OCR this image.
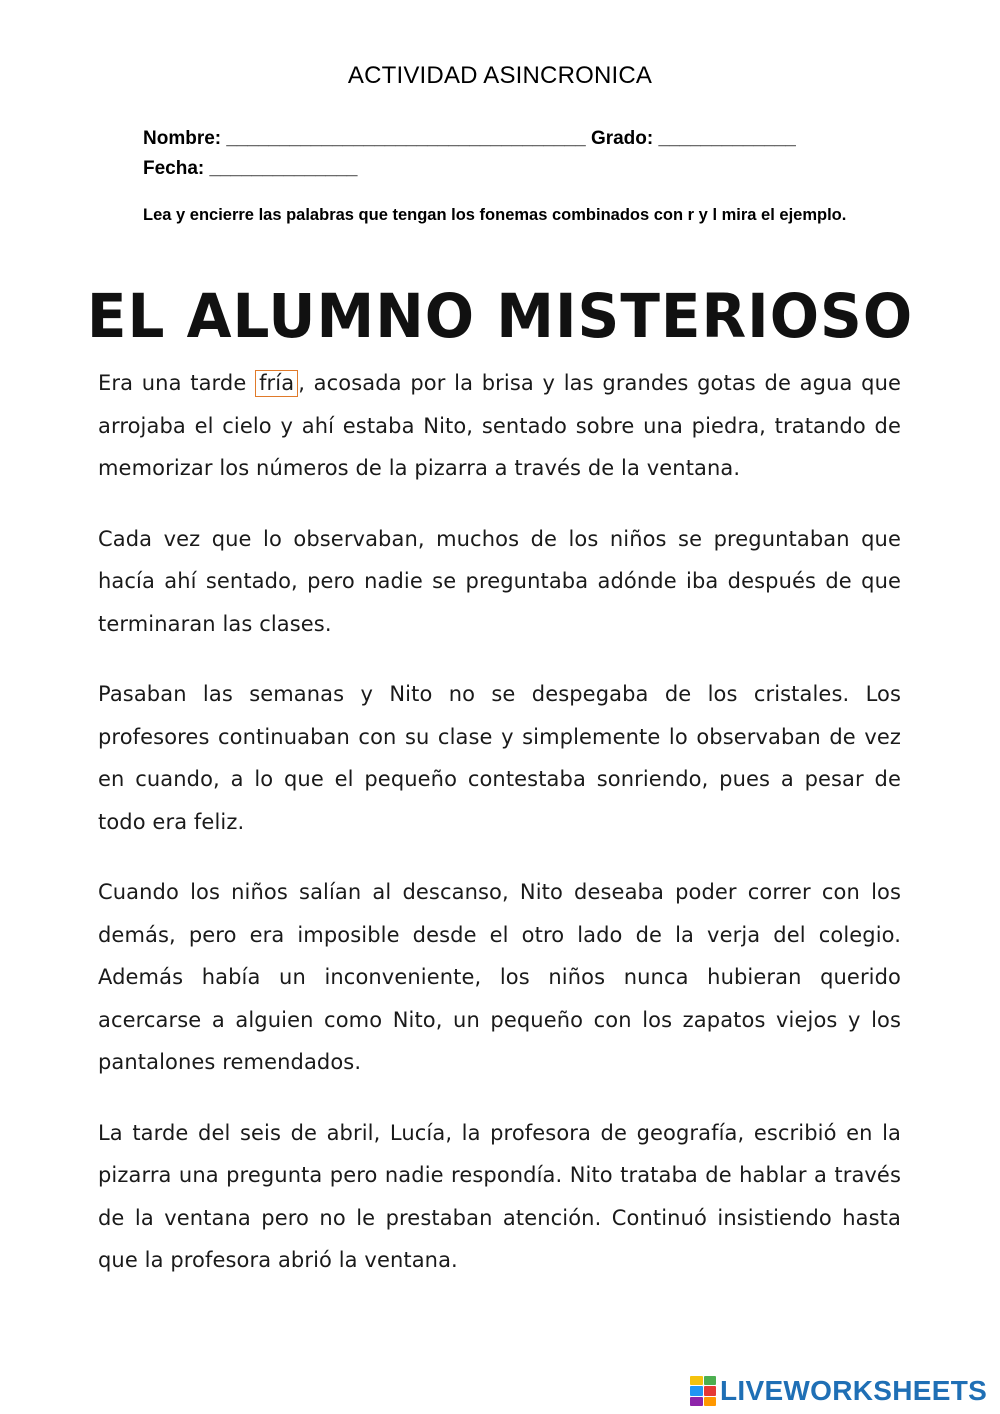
ACTIVIDAD ASINCRONICA
Nombre: __________________________________ Grado: _____________
Fecha: ______________
Lea y encierre las palabras que tengan los fonemas combinados con r y l mira el ejemplo.
EL ALUMNO MISTERIOSO

Era una tarde fría , acosada por la brisa y las grandes gotas de agua que arrojaba el cielo y ahí estaba Nito, sentado sobre una piedra, tratando de memorizar los números de la pizarra a través de la ventana.

Cada vez que lo observaban, muchos de los niños se preguntaban que hacía ahí sentado, pero nadie se preguntaba adónde iba después de que terminaran las clases.

Pasaban las semanas y Nito no se despegaba de los cristales. Los profesores continuaban con su clase y simplemente lo observaban de vez en cuando, a lo que el pequeño contestaba sonriendo, pues a pesar de todo era feliz.

Cuando los niños salían al descanso, Nito deseaba poder correr con los demás, pero era imposible desde el otro lado de la verja del colegio. Además había un inconveniente, los niños nunca hubieran querido acercarse a alguien como Nito, un pequeño con los zapatos viejos y los pantalones remendados.

La tarde del seis de abril, Lucía, la profesora de geografía, escribió en la pizarra una pregunta pero nadie respondía. Nito trataba de hablar a través de la ventana pero no le prestaban atención. Continuó insistiendo hasta que la profesora abrió la ventana.

LIVEWORKSHEETS
